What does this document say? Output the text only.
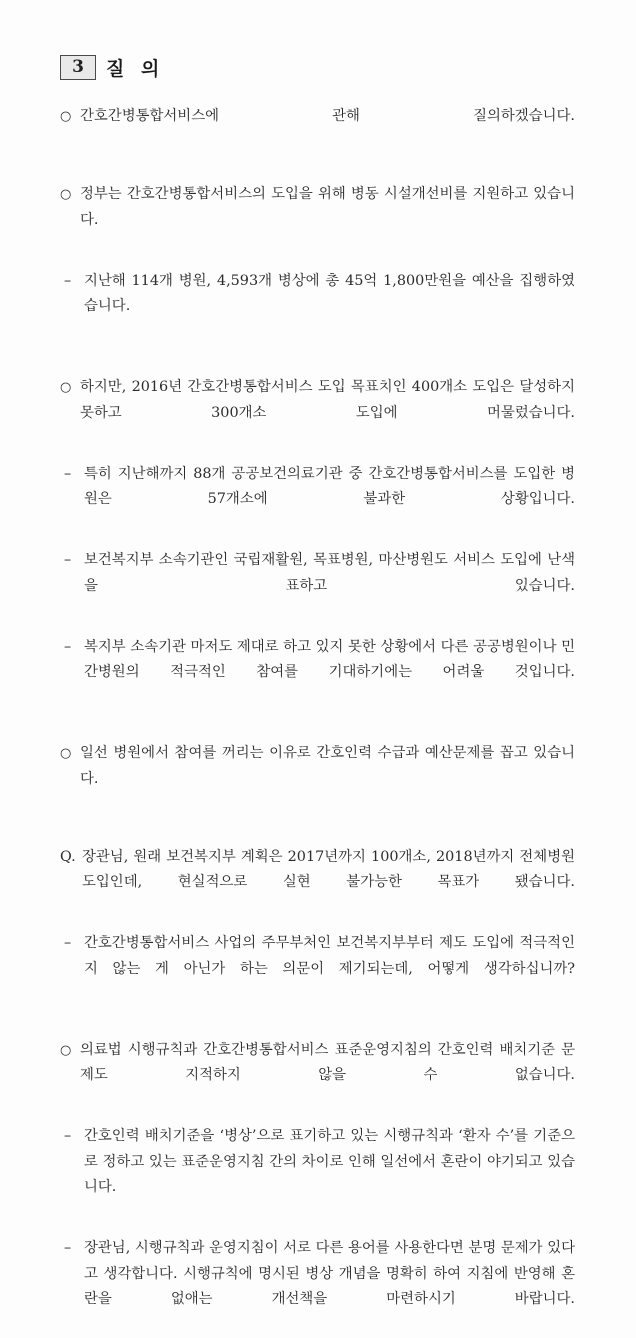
3	질 의
○ 간호간병통합서비스에 관해 질의하겠습니다.
○ 정부는 간호간병통합서비스의 도입을 위해 병동 시설개선비를 지원하고 있습니다.
– 지난해 114개 병원, 4,593개 병상에 총 45억 1,800만원을 예산을 집행하였습니다.
○ 하지만, 2016년 간호간병통합서비스 도입 목표치인 400개소 도입은 달성하지 못하고 300개소 도입에 머물렀습니다.
– 특히 지난해까지 88개 공공보건의료기관 중 간호간병통합서비스를 도입한 병원은 57개소에 불과한 상황입니다.
– 보건복지부 소속기관인 국립재활원, 목표병원, 마산병원도 서비스 도입에 난색을 표하고 있습니다.
– 복지부 소속기관 마저도 제대로 하고 있지 못한 상황에서 다른 공공병원이나 민간병원의 적극적인 참여를 기대하기에는 어려울 것입니다.
○ 일선 병원에서 참여를 꺼리는 이유로 간호인력 수급과 예산문제를 꼽고 있습니다.
Q. 장관님, 원래 보건복지부 계획은 2017년까지 100개소, 2018년까지 전체병원 도입인데, 현실적으로 실현 불가능한 목표가 됐습니다.
– 간호간병통합서비스 사업의 주무부처인 보건복지부부터 제도 도입에 적극적인지 않는 게 아닌가 하는 의문이 제기되는데, 어떻게 생각하십니까?
○ 의료법 시행규칙과 간호간병통합서비스 표준운영지침의 간호인력 배치기준 문제도 지적하지 않을 수 없습니다.
– 간호인력 배치기준을 ‘병상’으로 표기하고 있는 시행규칙과 ‘환자 수’를 기준으로 정하고 있는 표준운영지침 간의 차이로 인해 일선에서 혼란이 야기되고 있습니다.
– 장관님, 시행규칙과 운영지침이 서로 다른 용어를 사용한다면 분명 문제가 있다고 생각합니다. 시행규칙에 명시된 병상 개념을 명확히 하여 지침에 반영해 혼란을 없애는 개선책을 마련하시기 바랍니다.
